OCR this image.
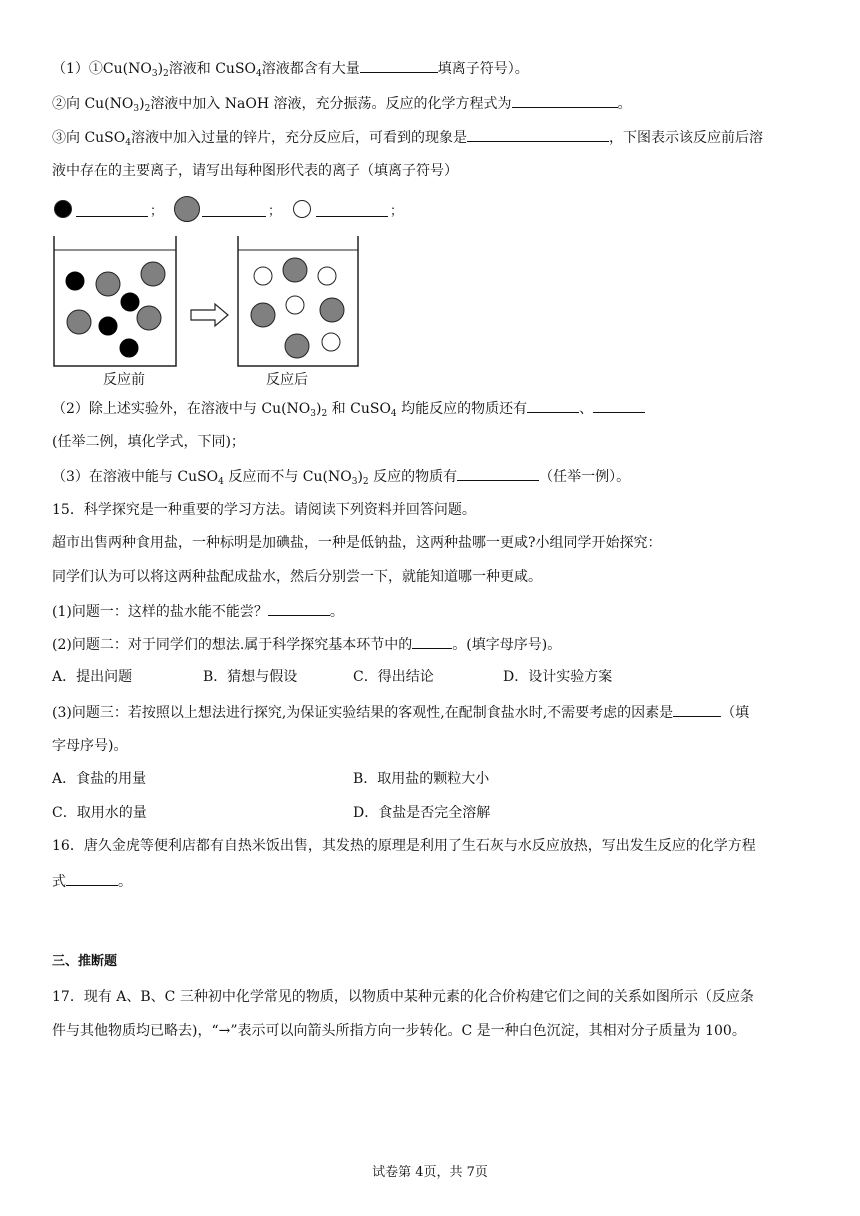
$(1)①Cu(NO_3)_2$溶液和 CuSO$_4$溶液都含有大量	填离子符号）。
②向 $Cu(NO_3)_2$溶液中加入 NaOH 溶液，充分振荡。反应的化学方程式为	。
③向 CuSO$_4$溶液中加入过量的锌片，充分反应后，可看到的现象是	，下图表示该反应前后溶
液中存在的主要离子，请写出每种图形代表的离子（填离子符号）
；	；	；
反应前	反应后
（2）除上述实验外，在溶液中与 $Cu(NO_3)_2$ 和 CuSO$_4$ 均能反应的物质还有	、
(任举二例，填化学式，下同)；
（3）在溶液中能与 CuSO$_4$ 反应而不与 $Cu(NO_3)_2$ 反应的物质有	（任举一例）。
15．科学探究是一种重要的学习方法。请阅读下列资料并回答问题。
超市出售两种食用盐，一种标明是加碘盐，一种是低钠盐，这两种盐哪一更咸?小组同学开始探究：
同学们认为可以将这两种盐配成盐水，然后分别尝一下，就能知道哪一种更咸。
(1)问题一：这样的盐水能不能尝？	。
(2)问题二：对于同学们的想法.属于科学探究基本环节中的	。(填字母序号)。
A．提出问题	B．猜想与假设	C．得出结论	D．设计实验方案
(3)问题三：若按照以上想法进行探究,为保证实验结果的客观性,在配制食盐水时,不需要考虑的因素是	（填
字母序号)。
A．食盐的用量	B．取用盐的颗粒大小
C．取用水的量	D．食盐是否完全溶解
16．唐久金虎等便利店都有自热米饭出售，其发热的原理是利用了生石灰与水反应放热，写出发生反应的化学方程
式	。
三、推断题
17．现有 A、B、C 三种初中化学常见的物质，以物质中某种元素的化合价构建它们之间的关系如图所示（反应条
件与其他物质均已略去)，“→”表示可以向箭头所指方向一步转化。C 是一种白色沉淀，其相对分子质量为 100。
试卷第 4页，共 7页
